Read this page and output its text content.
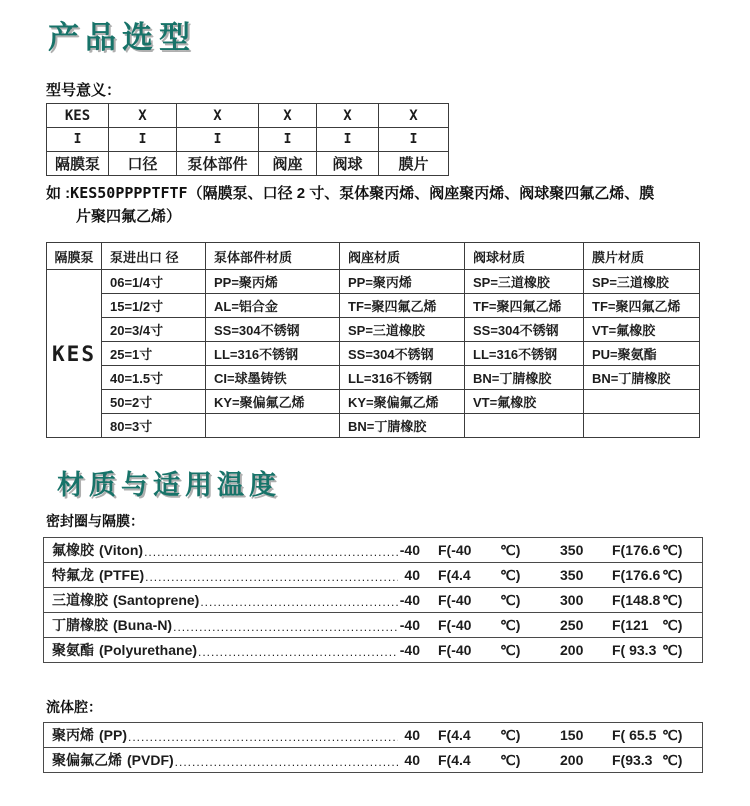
产品选型
型号意义：
KES	X	X	X	X	X
I	I	I	I	I	I
隔膜泵	口径	泵体部件	阀座	阀球	膜片
如 :KES50PPPPTFTF（隔膜泵、口径 2 寸、泵体聚丙烯、阀座聚丙烯、阀球聚四氟乙烯、膜
片聚四氟乙烯）
隔膜泵	泵进出口 径	泵体部件材质	阀座材质	阀球材质	膜片材质
KES	06=1/4寸	PP=聚丙烯	PP=聚丙烯	SP=三道橡胶	SP=三道橡胶
	15=1/2寸	AL=铝合金	TF=聚四氟乙烯	TF=聚四氟乙烯	TF=聚四氟乙烯
	20=3/4寸	SS=304不锈钢	SP=三道橡胶	SS=304不锈钢	VT=氟橡胶
	25=1寸	LL=316不锈钢	SS=304不锈钢	LL=316不锈钢	PU=聚氨酯
	40=1.5寸	CI=球墨铸铁	LL=316不锈钢	BN=丁腈橡胶	BN=丁腈橡胶
	50=2寸	KY=聚偏氟乙烯	KY=聚偏氟乙烯	VT=氟橡胶	
	80=3寸		BN=丁腈橡胶		
材质与适用温度
密封圈与隔膜：
氟橡胶 (Viton) .....	-40 F(-40	℃)	350	F(176.6 ℃)
特氟龙 (PTFE) .....	40 F(4.4	℃)	350	F(176.6 ℃)
三道橡胶 (Santoprene) .....	-40 F(-40	℃)	300	F(148.8 ℃)
丁腈橡胶 (Buna-N) .....	-40 F(-40	℃)	250	F(121 ℃)
聚氨酯 (Polyurethane) .....	-40 F(-40	℃)	200	F( 93.3 ℃)
流体腔：
聚丙烯 (PP) .....	40 F(4.4	℃)	150	F( 65.5 ℃)
聚偏氟乙烯 (PVDF) .....	40 F(4.4	℃)	200	F(93.3 ℃)
